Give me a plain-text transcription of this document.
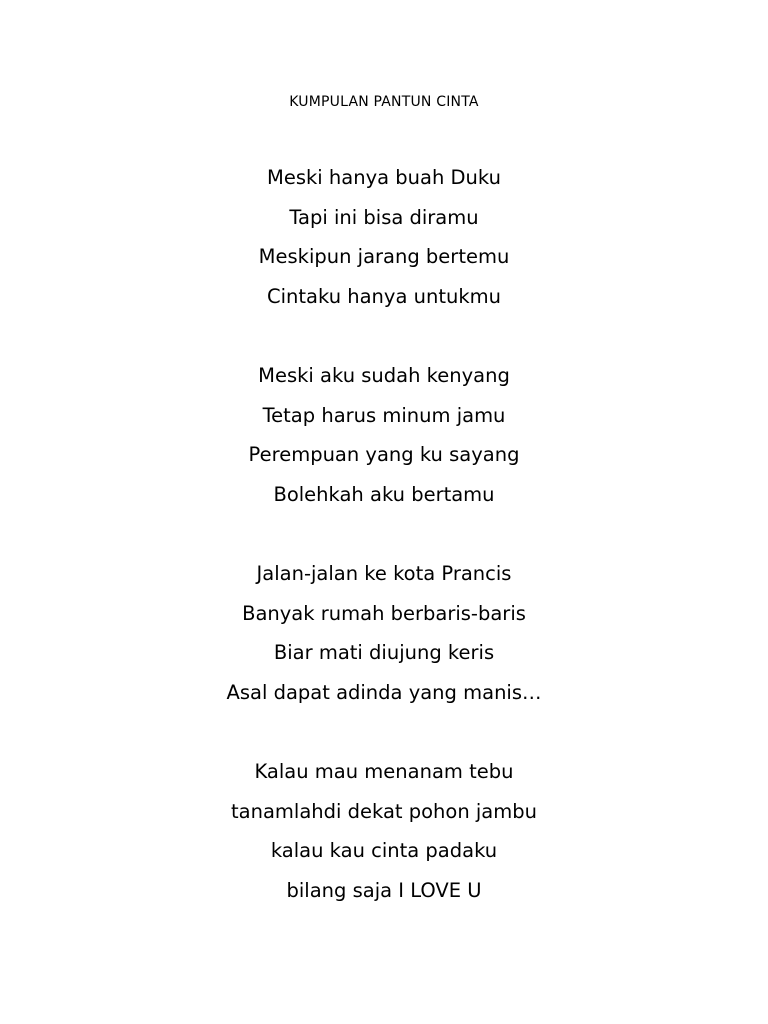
KUMPULAN PANTUN CINTA
Meski hanya buah Duku
Tapi ini bisa diramu
Meskipun jarang bertemu
Cintaku hanya untukmu
Meski aku sudah kenyang
Tetap harus minum jamu
Perempuan yang ku sayang
Bolehkah aku bertamu
Jalan-jalan ke kota Prancis
Banyak rumah berbaris-baris
Biar mati diujung keris
Asal dapat adinda yang manis…
Kalau mau menanam tebu
tanamlahdi dekat pohon jambu
kalau kau cinta padaku
bilang saja I LOVE U
